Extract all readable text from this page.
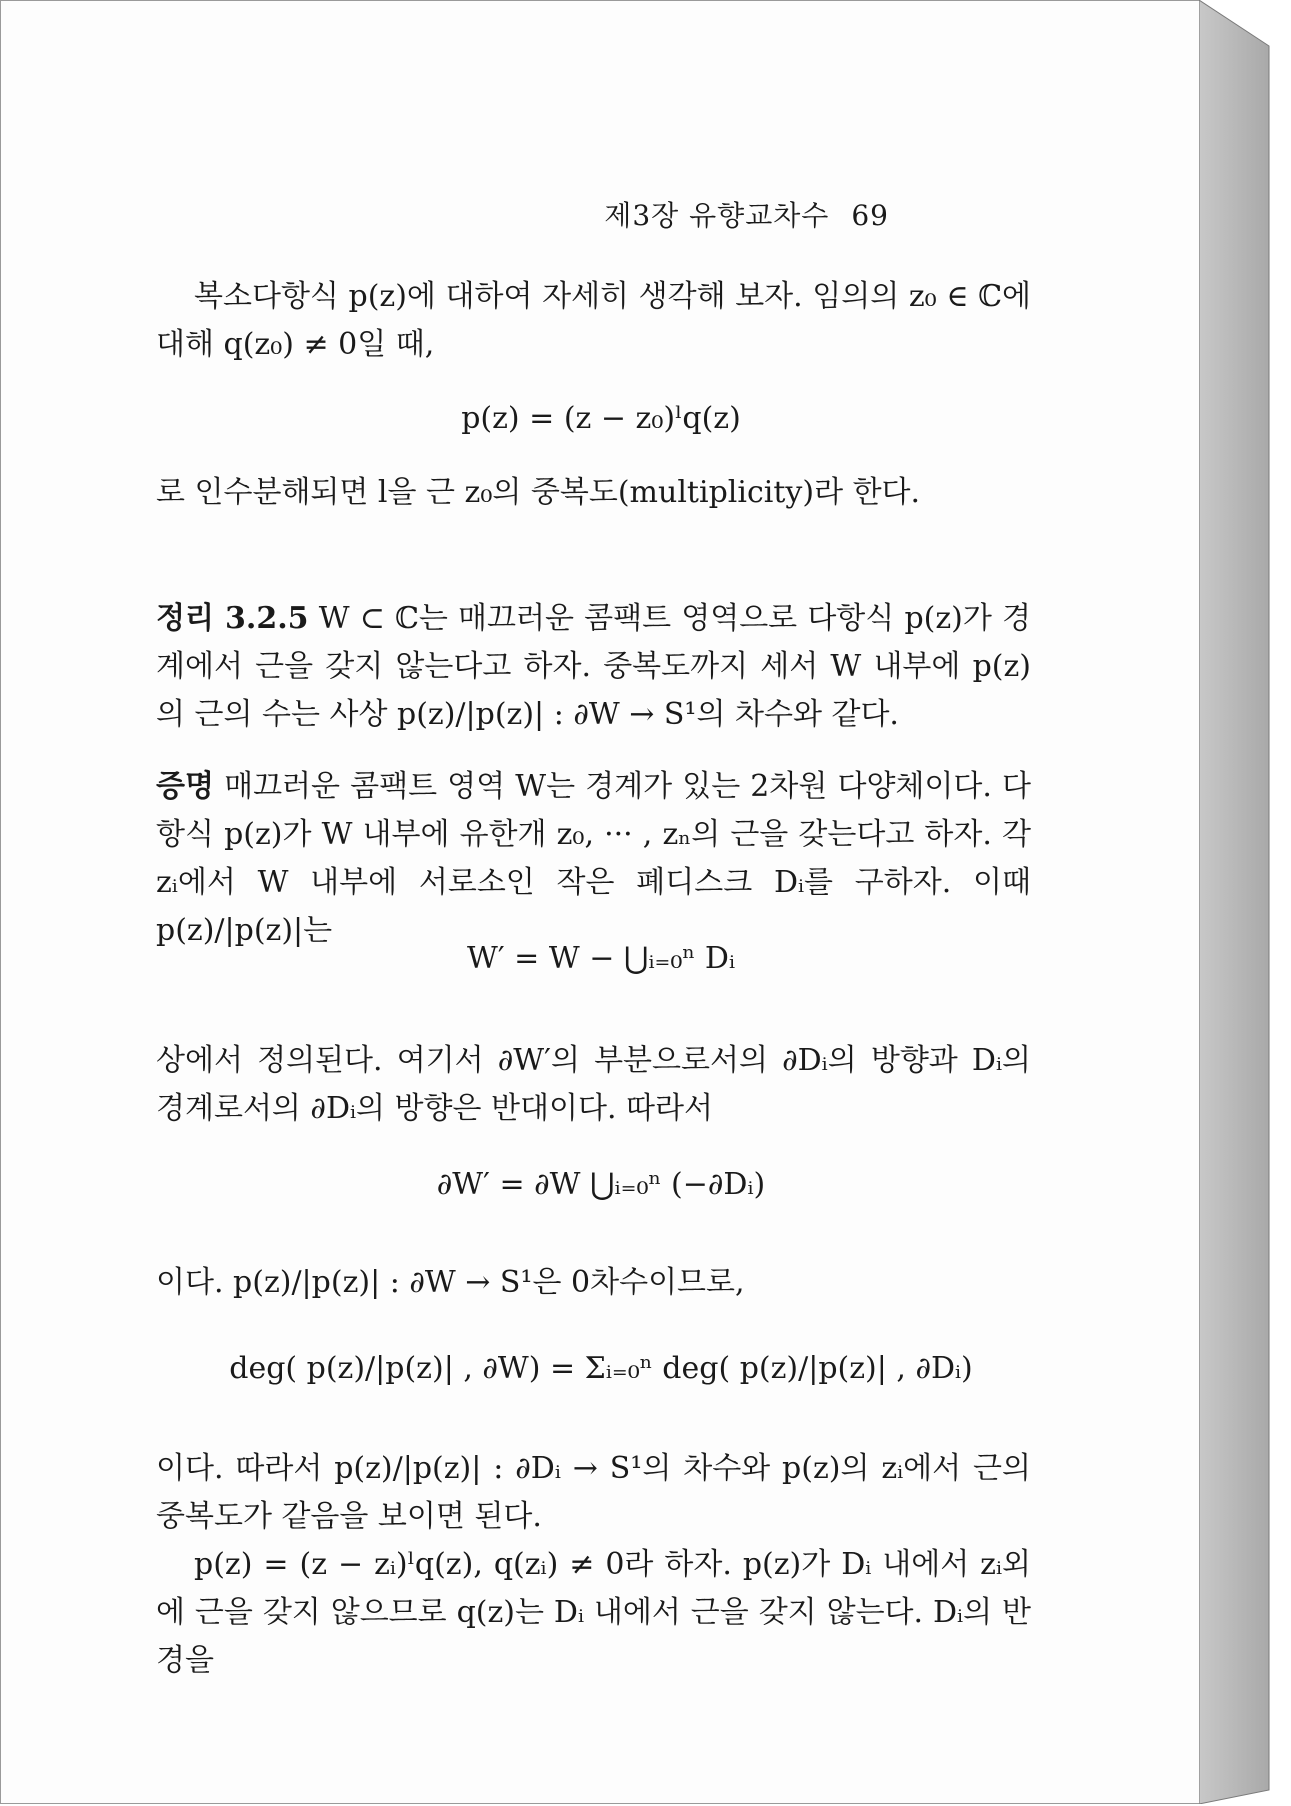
제3장 유향교차수 69

복소다항식 p(z)에 대하여 자세히 생각해 보자. 임의의 z₀ ∈ ℂ에 대해 q(z₀) ≠ 0일 때,

p(z) = (z − z₀)ˡq(z)

로 인수분해되면 l을 근 z₀의 중복도(multiplicity)라 한다.

정리 3.2.5 W ⊂ ℂ는 매끄러운 콤팩트 영역으로 다항식 p(z)가 경계에서 근을 갖지 않는다고 하자. 중복도까지 세서 W 내부에 p(z)의 근의 수는 사상 p(z)/|p(z)| : ∂W → S¹의 차수와 같다.

증명 매끄러운 콤팩트 영역 W는 경계가 있는 2차원 다양체이다. 다항식 p(z)가 W 내부에 유한개 z₀, ··· , zₙ의 근을 갖는다고 하자. 각 zᵢ에서 W 내부에 서로소인 작은 폐디스크 Dᵢ를 구하자. 이때 p(z)/|p(z)|는

W′ = W − ⋃ᵢ₌₀ⁿ Dᵢ

상에서 정의된다. 여기서 ∂W′의 부분으로서의 ∂Dᵢ의 방향과 Dᵢ의 경계로서의 ∂Dᵢ의 방향은 반대이다. 따라서

∂W′ = ∂W ⋃ᵢ₌₀ⁿ (−∂Dᵢ)

이다. p(z)/|p(z)| : ∂W → S¹은 0차수이므로,

deg( p(z)/|p(z)| , ∂W) = Σᵢ₌₀ⁿ deg( p(z)/|p(z)| , ∂Dᵢ)

이다. 따라서 p(z)/|p(z)| : ∂Dᵢ → S¹의 차수와 p(z)의 zᵢ에서 근의 중복도가 같음을 보이면 된다.

p(z) = (z − zᵢ)ˡq(z), q(zᵢ) ≠ 0라 하자. p(z)가 Dᵢ 내에서 zᵢ외에 근을 갖지 않으므로 q(z)는 Dᵢ 내에서 근을 갖지 않는다. Dᵢ의 반경을
